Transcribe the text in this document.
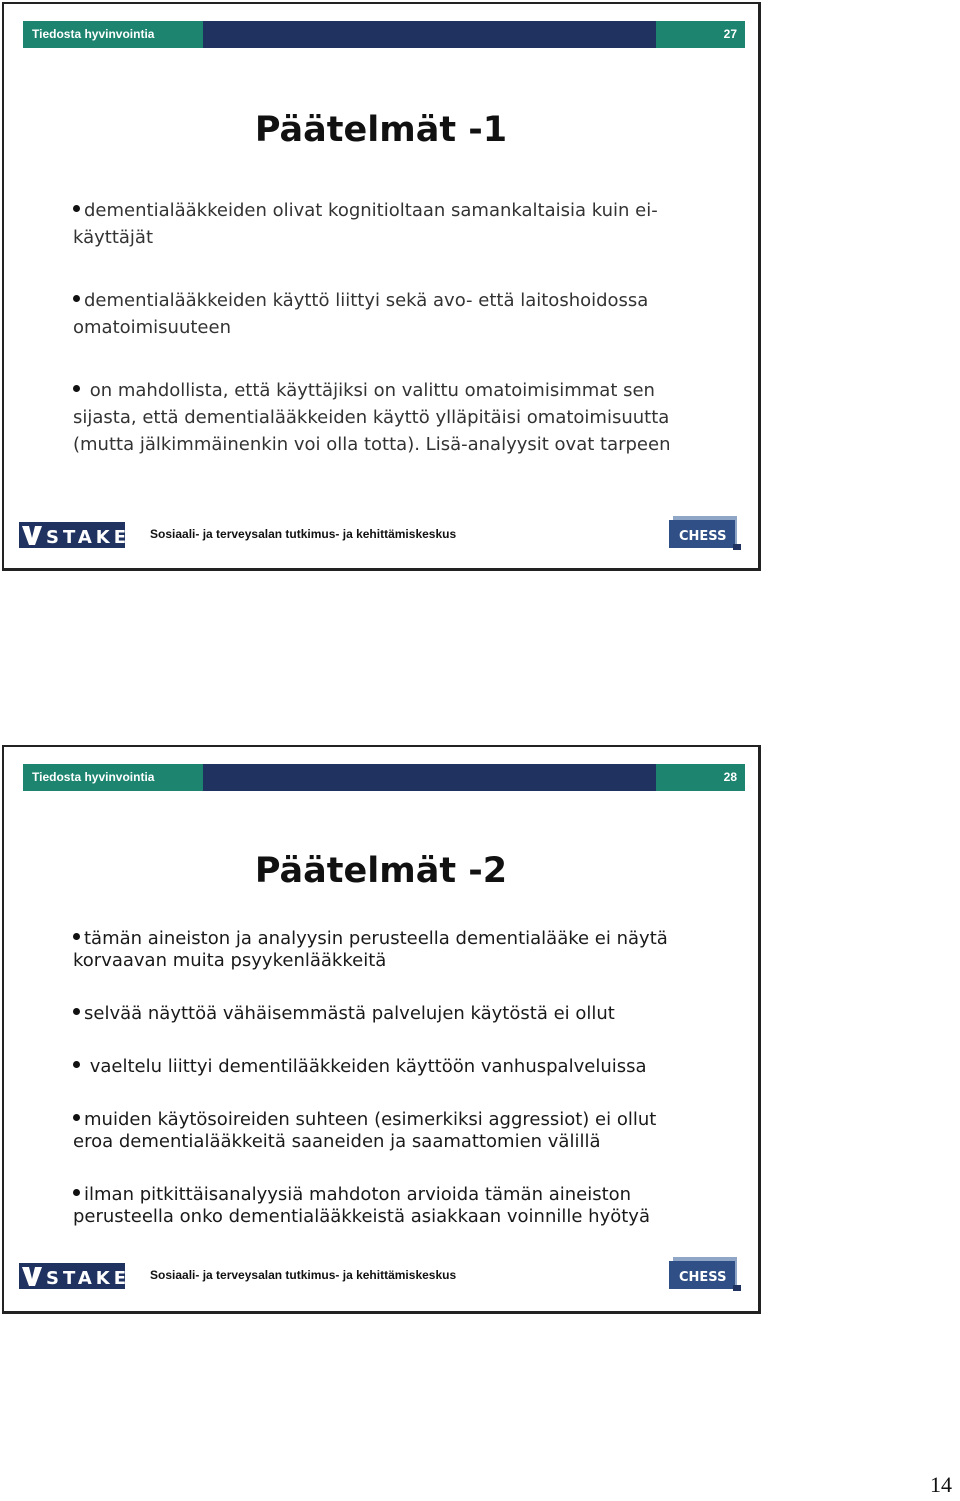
Tiedosta hyvinvointia	27
Päätelmät -1
dementialääkkeiden olivat kognitioltaan samankaltaisia kuin ei-käyttäjät
dementialääkkeiden käyttö liittyi sekä avo- että laitoshoidossa omatoimisuuteen
on mahdollista, että käyttäjiksi on valittu omatoimisimmat sen sijasta, että dementialääkkeiden käyttö ylläpitäisi omatoimisuutta (mutta jälkimmäinenkin voi olla totta). Lisä-analyysit ovat tarpeen
STAKES Sosiaali- ja terveysalan tutkimus- ja kehittämiskeskus	CHESS
Tiedosta hyvinvointia	28
Päätelmät -2
tämän aineiston ja analyysin perusteella dementialääke ei näytä korvaavan muita psyykenlääkkeitä
selvää näyttöä vähäisemmästä palvelujen käytöstä ei ollut
vaeltelu liittyi dementilääkkeiden käyttöön vanhuspalveluissa
muiden käytösoireiden suhteen (esimerkiksi aggressiot) ei ollut eroa dementialääkkeitä saaneiden ja saamattomien välillä
ilman pitkittäisanalyysiä mahdoton arvioida tämän aineiston perusteella onko dementialääkkeistä asiakkaan voinnille hyötyä
STAKES Sosiaali- ja terveysalan tutkimus- ja kehittämiskeskus	CHESS
14
